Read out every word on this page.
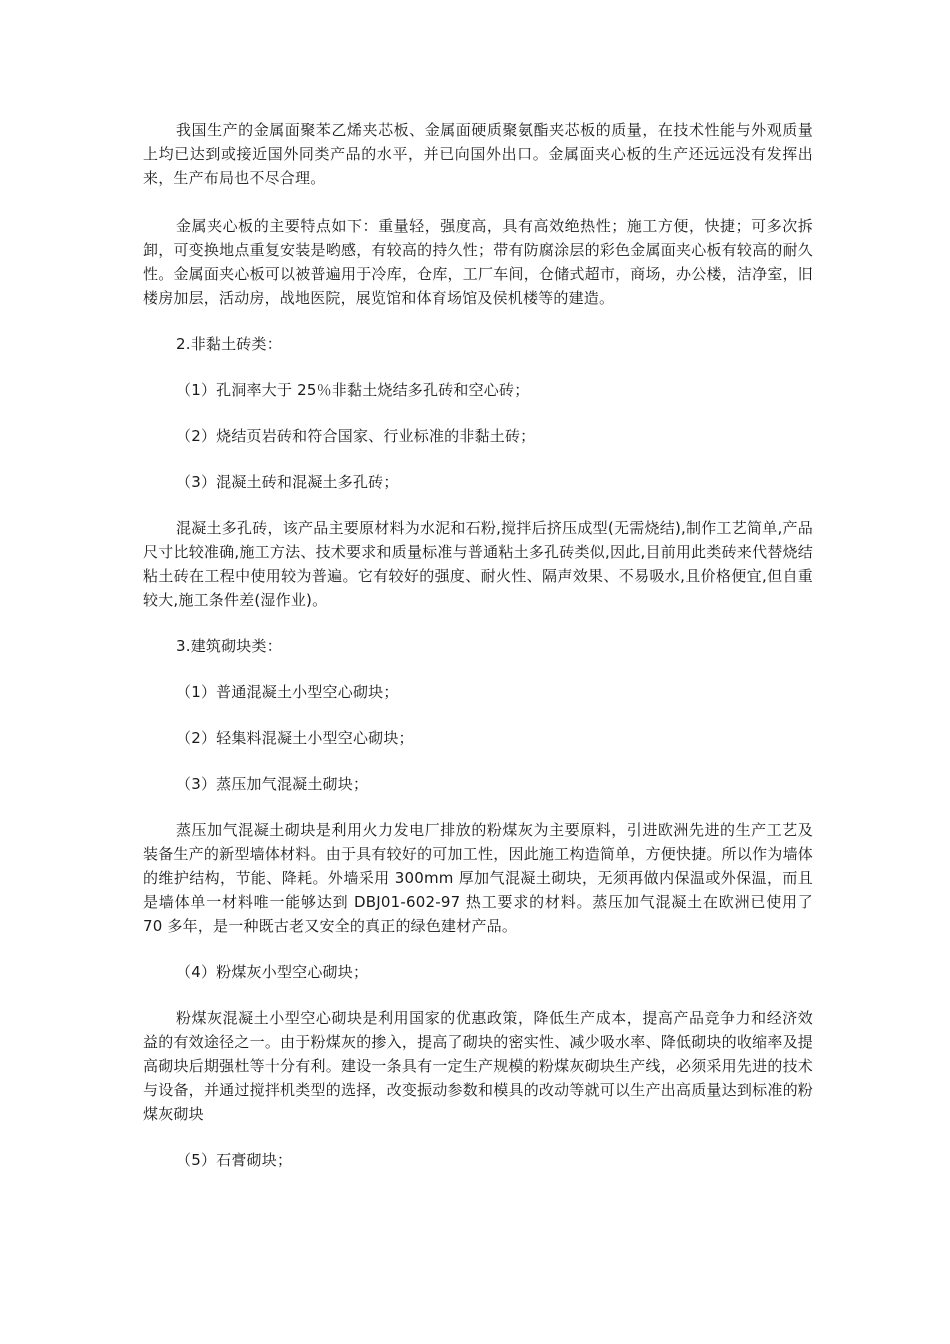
我国生产的金属面聚苯乙烯夹芯板、金属面硬质聚氨酯夹芯板的质量，在技术性能与外观质量上均已达到或接近国外同类产品的水平，并已向国外出口。金属面夹心板的生产还远远没有发挥出来，生产布局也不尽合理。

金属夹心板的主要特点如下：重量轻，强度高，具有高效绝热性；施工方便，快捷；可多次拆卸，可变换地点重复安装是哟感，有较高的持久性；带有防腐涂层的彩色金属面夹心板有较高的耐久性。金属面夹心板可以被普遍用于冷库，仓库，工厂车间，仓储式超市，商场，办公楼，洁净室，旧楼房加层，活动房，战地医院，展览馆和体育场馆及侯机楼等的建造。

2.非黏土砖类：

（1）孔洞率大于 25％非黏土烧结多孔砖和空心砖；

（2）烧结页岩砖和符合国家、行业标准的非黏土砖；

（3）混凝土砖和混凝土多孔砖；

混凝土多孔砖，该产品主要原材料为水泥和石粉,搅拌后挤压成型(无需烧结),制作工艺简单,产品尺寸比较准确,施工方法、技术要求和质量标准与普通粘土多孔砖类似,因此,目前用此类砖来代替烧结粘土砖在工程中使用较为普遍。它有较好的强度、耐火性、隔声效果、不易吸水,且价格便宜,但自重较大,施工条件差(湿作业)。

3.建筑砌块类：

（1）普通混凝土小型空心砌块；

（2）轻集料混凝土小型空心砌块；

（3）蒸压加气混凝土砌块；

蒸压加气混凝土砌块是利用火力发电厂排放的粉煤灰为主要原料，引进欧洲先进的生产工艺及装备生产的新型墙体材料。由于具有较好的可加工性，因此施工构造简单，方便快捷。所以作为墙体的维护结构，节能、降耗。外墙采用 300mm 厚加气混凝土砌块，无须再做内保温或外保温，而且是墙体单一材料唯一能够达到 DBJ01-602-97 热工要求的材料。蒸压加气混凝土在欧洲已使用了 70 多年，是一种既古老又安全的真正的绿色建材产品。

（4）粉煤灰小型空心砌块；

粉煤灰混凝土小型空心砌块是利用国家的优惠政策，降低生产成本，提高产品竞争力和经济效益的有效途径之一。由于粉煤灰的掺入，提高了砌块的密实性、减少吸水率、降低砌块的收缩率及提高砌块后期强杜等十分有利。建设一条具有一定生产规模的粉煤灰砌块生产线，必须采用先进的技术与设备，并通过搅拌机类型的选择，改变振动参数和模具的改动等就可以生产出高质量达到标准的粉煤灰砌块

（5）石膏砌块；
